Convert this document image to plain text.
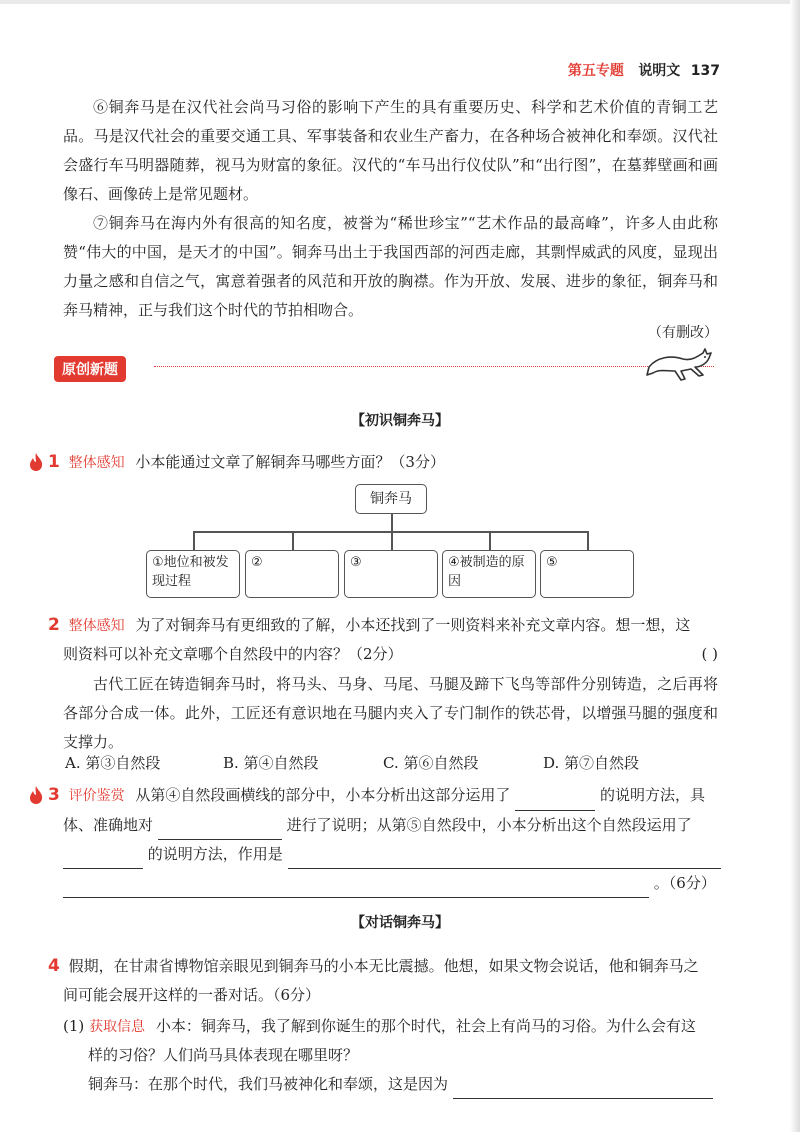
第五专题 说明文 137
⑥铜奔马是在汉代社会尚马习俗的影响下产生的具有重要历史、科学和艺术价值的青铜工艺品。马是汉代社会的重要交通工具、军事装备和农业生产畜力，在各种场合被神化和奉颂。汉代社会盛行车马明器随葬，视马为财富的象征。汉代的“车马出行仪仗队”和“出行图”，在墓葬壁画和画像石、画像砖上是常见题材。
⑦铜奔马在海内外有很高的知名度，被誉为“稀世珍宝”“艺术作品的最高峰”，许多人由此称赞“伟大的中国，是天才的中国”。铜奔马出土于我国西部的河西走廊，其剽悍威武的风度，显现出力量之感和自信之气，寓意着强者的风范和开放的胸襟。作为开放、发展、进步的象征，铜奔马和奔马精神，正与我们这个时代的节拍相吻合。
（有删改）
原创新题
【初识铜奔马】
1 整体感知 小本能通过文章了解铜奔马哪些方面？（3分）
铜奔马
①地位和被发现过程
②	③	④被制造的原因
⑤
2 整体感知 为了对铜奔马有更细致的了解，小本还找到了一则资料来补充文章内容。想一想，这
则资料可以补充文章哪个自然段中的内容？（2分）	( )
古代工匠在铸造铜奔马时，将马头、马身、马尾、马腿及蹄下飞鸟等部件分别铸造，之后再将各部分合成一体。此外，工匠还有意识地在马腿内夹入了专门制作的铁芯骨，以增强马腿的强度和支撑力。
A. 第③自然段	B. 第④自然段	C. 第⑥自然段	D. 第⑦自然段
3 评价鉴赏 从第④自然段画横线的部分中，小本分析出这部分运用了	的说明方法，具
体、准确地对	进行了说明；从第⑤自然段中，小本分析出这个自然段运用了
的说明方法，作用是
。（6分）
【对话铜奔马】
4 假期，在甘肃省博物馆亲眼见到铜奔马的小本无比震撼。他想，如果文物会说话，他和铜奔马之
间可能会展开这样的一番对话。（6分）
(1) 获取信息 小本：铜奔马，我了解到你诞生的那个时代，社会上有尚马的习俗。为什么会有这
样的习俗？人们尚马具体表现在哪里呀？
铜奔马：在那个时代，我们马被神化和奉颂，这是因为
